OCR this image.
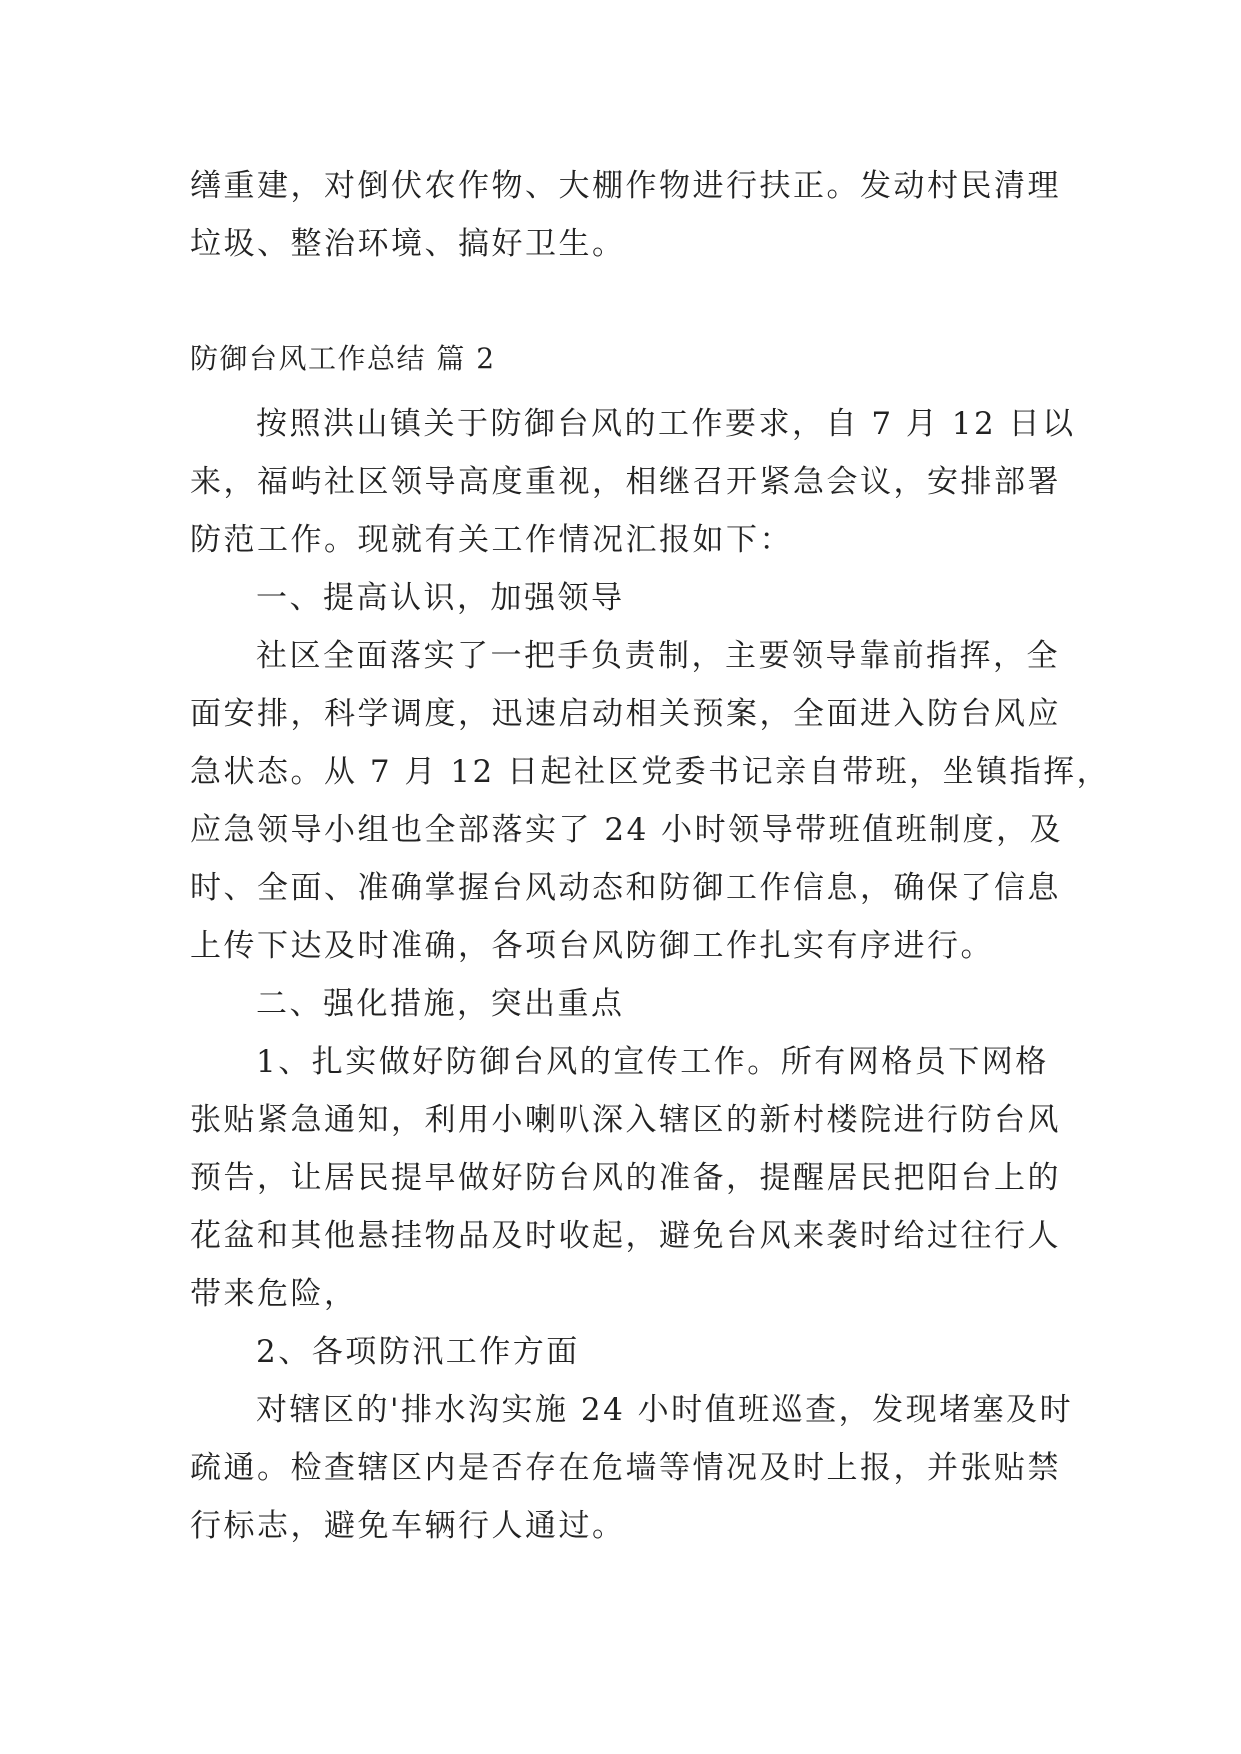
缮重建，对倒伏农作物、大棚作物进行扶正。发动村民清理
垃圾、整治环境、搞好卫生。
防御台风工作总结 篇 2
按照洪山镇关于防御台风的工作要求，自 7 月 12 日以
来，福屿社区领导高度重视，相继召开紧急会议，安排部署
防范工作。现就有关工作情况汇报如下：
一、提高认识，加强领导
社区全面落实了一把手负责制，主要领导靠前指挥，全
面安排，科学调度，迅速启动相关预案，全面进入防台风应
急状态。从 7 月 12 日起社区党委书记亲自带班，坐镇指挥，
应急领导小组也全部落实了 24 小时领导带班值班制度，及
时、全面、准确掌握台风动态和防御工作信息，确保了信息
上传下达及时准确，各项台风防御工作扎实有序进行。
二、强化措施，突出重点
1、扎实做好防御台风的宣传工作。所有网格员下网格
张贴紧急通知，利用小喇叭深入辖区的新村楼院进行防台风
预告，让居民提早做好防台风的准备，提醒居民把阳台上的
花盆和其他悬挂物品及时收起，避免台风来袭时给过往行人
带来危险，
2、各项防汛工作方面
对辖区的'排水沟实施 24 小时值班巡查，发现堵塞及时
疏通。检查辖区内是否存在危墙等情况及时上报，并张贴禁
行标志，避免车辆行人通过。
